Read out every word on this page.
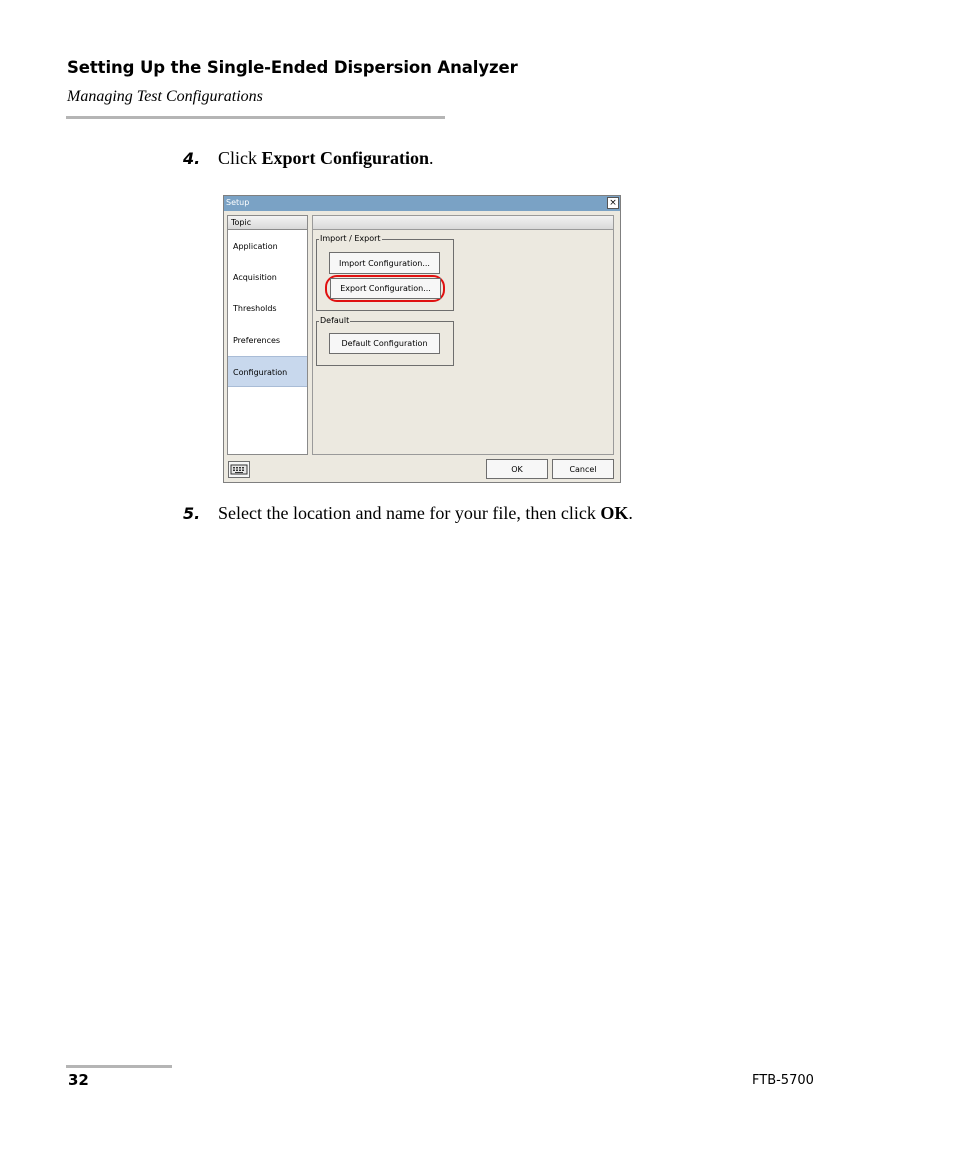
Setting Up the Single-Ended Dispersion Analyzer
Managing Test Configurations
4. Click Export Configuration.
Setup	×
Topic
Application
Acquisition
Thresholds
Preferences
Configuration
Import / Export
Import Configuration...
Export Configuration...
Default
Default Configuration
OK	Cancel
5. Select the location and name for your file, then click OK.
32	FTB-5700
